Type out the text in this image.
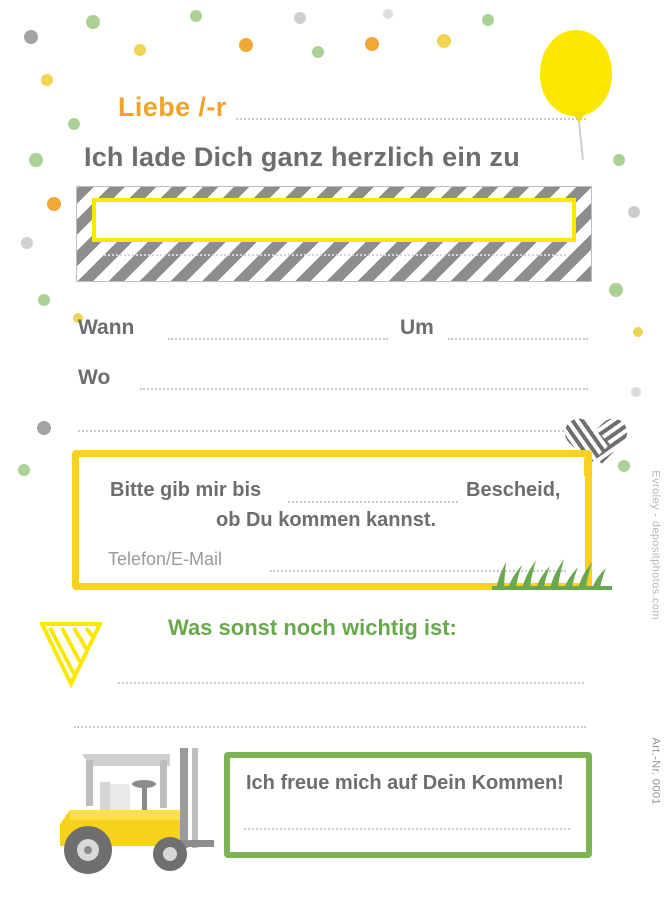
Liebe /-r
Ich lade Dich ganz herzlich ein zu
Wann	Um
Wo
Bitte gib mir bis	Bescheid,
ob Du kommen kannst.
Telefon/E-Mail
Was sonst noch wichtig ist:
Ich freue mich auf Dein Kommen!
Evroley - depositphotos.com
Art.-Nr. 0001
